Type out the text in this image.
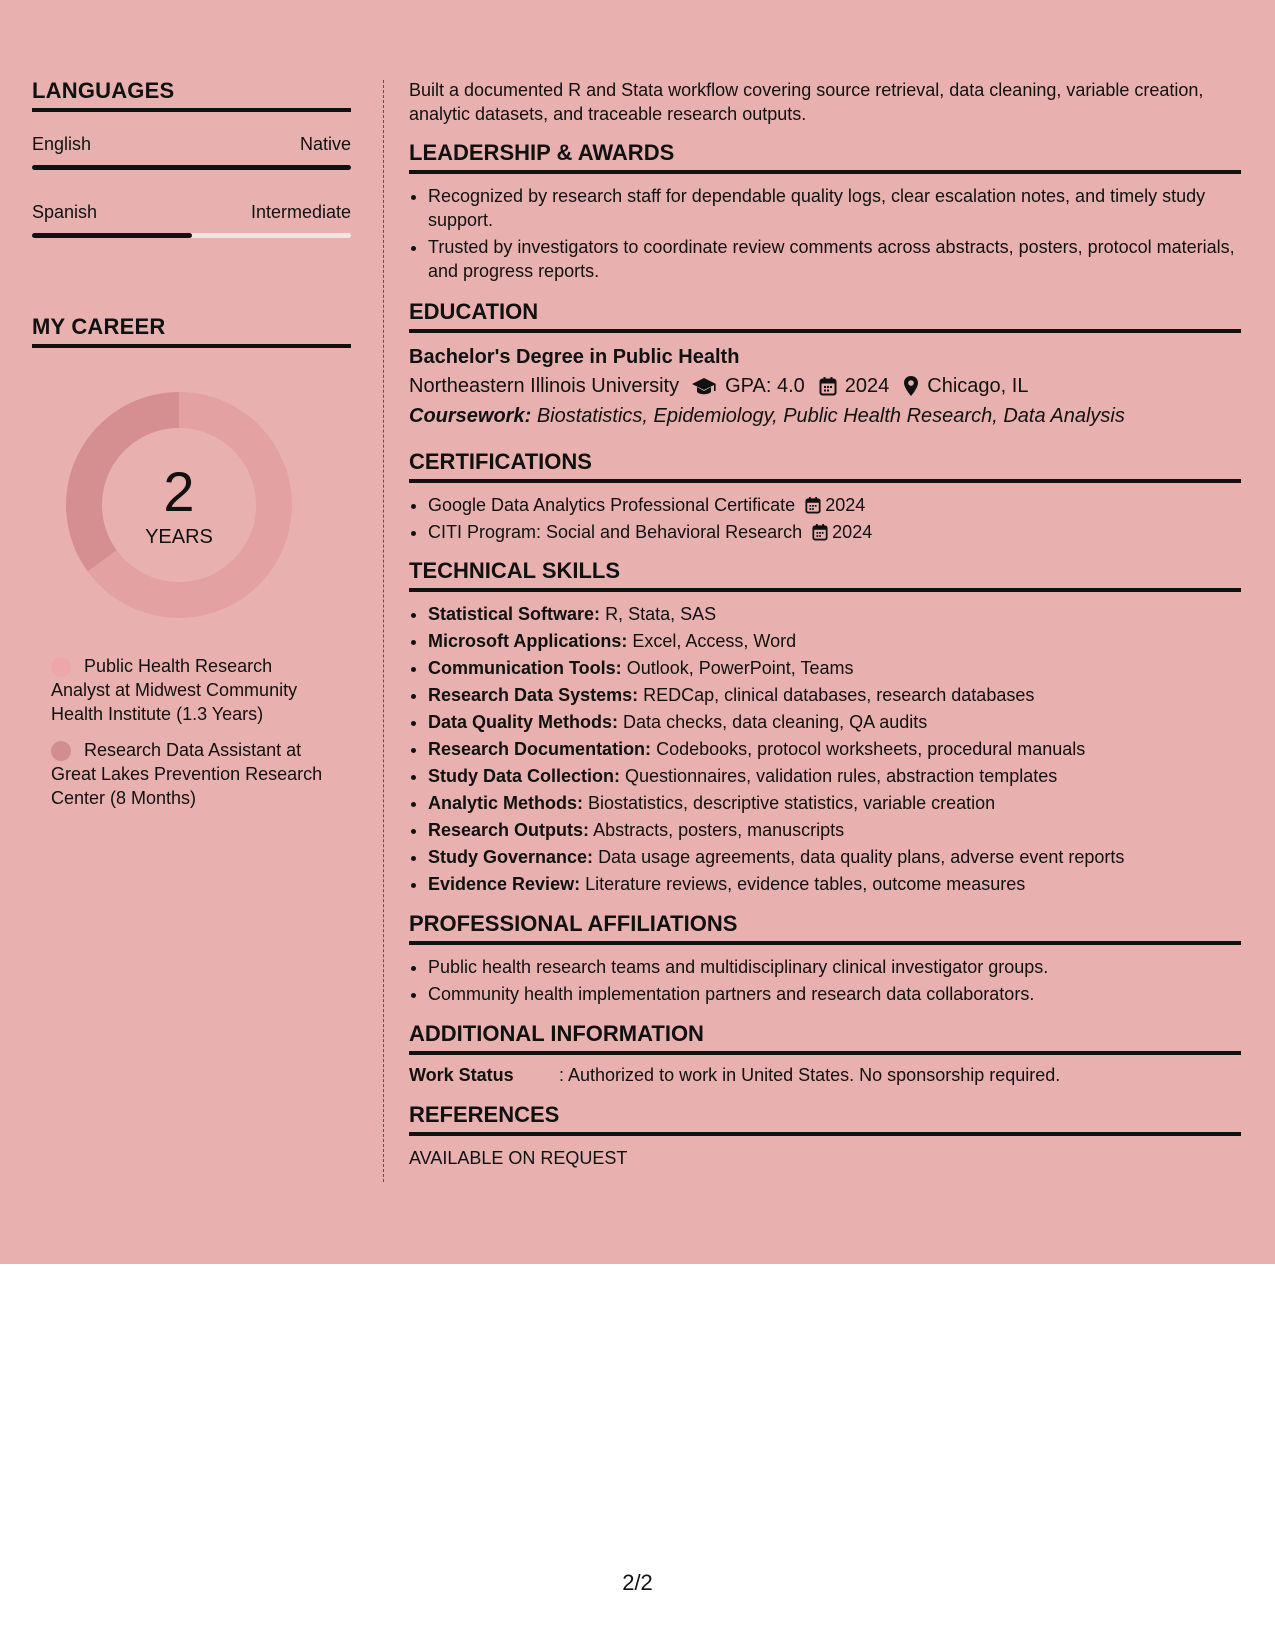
LANGUAGES
English	Native
Spanish	Intermediate
MY CAREER
2
YEARS
Public Health Research Analyst at Midwest Community Health Institute (1.3 Years)
Research Data Assistant at Great Lakes Prevention Research Center (8 Months)

Built a documented R and Stata workflow covering source retrieval, data cleaning, variable creation, analytic datasets, and traceable research outputs.

LEADERSHIP & AWARDS
• Recognized by research staff for dependable quality logs, clear escalation notes, and timely study support.
• Trusted by investigators to coordinate review comments across abstracts, posters, protocol materials, and progress reports.
EDUCATION
Bachelor's Degree in Public Health
Northeastern Illinois University GPA: 4.0 2024 Chicago, IL
Coursework: Biostatistics, Epidemiology, Public Health Research, Data Analysis
CERTIFICATIONS
• Google Data Analytics Professional Certificate 2024
• CITI Program: Social and Behavioral Research 2024
TECHNICAL SKILLS
• Statistical Software: R, Stata, SAS
• Microsoft Applications: Excel, Access, Word
• Communication Tools: Outlook, PowerPoint, Teams
• Research Data Systems: REDCap, clinical databases, research databases
• Data Quality Methods: Data checks, data cleaning, QA audits
• Research Documentation: Codebooks, protocol worksheets, procedural manuals
• Study Data Collection: Questionnaires, validation rules, abstraction templates
• Analytic Methods: Biostatistics, descriptive statistics, variable creation
• Research Outputs: Abstracts, posters, manuscripts
• Study Governance: Data usage agreements, data quality plans, adverse event reports
• Evidence Review: Literature reviews, evidence tables, outcome measures
PROFESSIONAL AFFILIATIONS
• Public health research teams and multidisciplinary clinical investigator groups.
• Community health implementation partners and research data collaborators.
ADDITIONAL INFORMATION
Work Status	: Authorized to work in United States. No sponsorship required.
REFERENCES
AVAILABLE ON REQUEST
2/2
